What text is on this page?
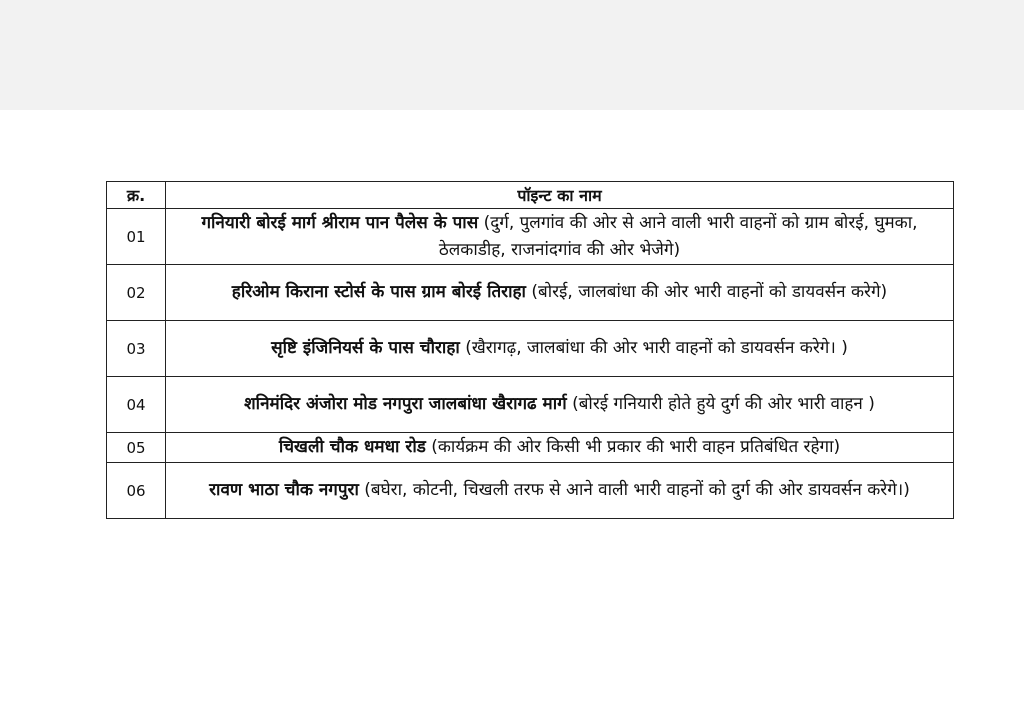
क्र.	पॉइन्ट का नाम
01	गनियारी बोरई मार्ग श्रीराम पान पैलेस के पास (दुर्ग, पुलगांव की ओर से आने वाली भारी वाहनों को ग्राम बोरई, घुमका, ठेलकाडीह, राजनांदगांव की ओर भेजेगे)
02	हरिओम किराना स्टोर्स के पास ग्राम बोरई तिराहा (बोरई, जालबांधा की ओर भारी वाहनों को डायवर्सन करेगे)
03	सृष्टि इंजिनियर्स के पास चौराहा (खैरागढ़, जालबांधा की ओर भारी वाहनों को डायवर्सन करेगे। )
04	शनिमंदिर अंजोरा मोड नगपुरा जालबांधा खैरागढ मार्ग (बोरई गनियारी होते हुये दुर्ग की ओर भारी वाहन )
05	चिखली चौक धमधा रोड (कार्यक्रम की ओर किसी भी प्रकार की भारी वाहन प्रतिबंधित रहेगा)
06	रावण भाठा चौक नगपुरा (बघेरा, कोटनी, चिखली तरफ से आने वाली भारी वाहनों को दुर्ग की ओर डायवर्सन करेगे।)
